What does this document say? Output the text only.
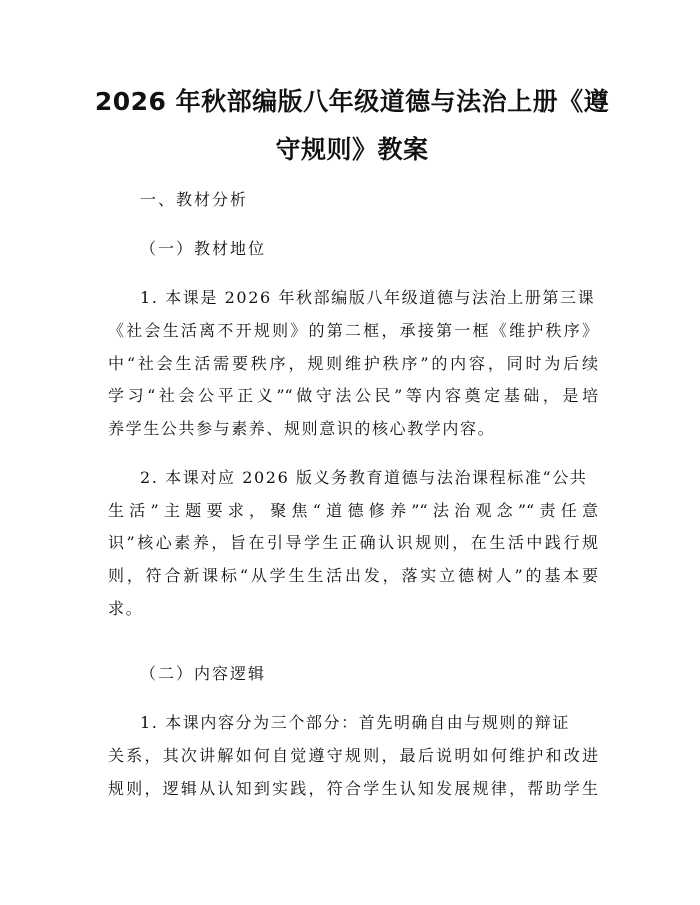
2026 年秋部编版八年级道德与法治上册《遵
守规则》教案

一、教材分析

（一）教材地位

1. 本课是 2026 年秋部编版八年级道德与法治上册第三课

《社会生活离不开规则》的第二框，承接第一框《维护秩序》

中“社会生活需要秩序，规则维护秩序”的内容，同时为后续

学习“社会公平正义”“做守法公民”等内容奠定基础，是培

养学生公共参与素养、规则意识的核心教学内容。

2. 本课对应 2026 版义务教育道德与法治课程标准“公共

生活”主题要求，聚焦“道德修养”“法治观念”“责任意

识”核心素养，旨在引导学生正确认识规则，在生活中践行规

则，符合新课标“从学生生活出发，落实立德树人”的基本要

求。

（二）内容逻辑

1. 本课内容分为三个部分：首先明确自由与规则的辩证

关系，其次讲解如何自觉遵守规则，最后说明如何维护和改进

规则，逻辑从认知到实践，符合学生认知发展规律，帮助学生
